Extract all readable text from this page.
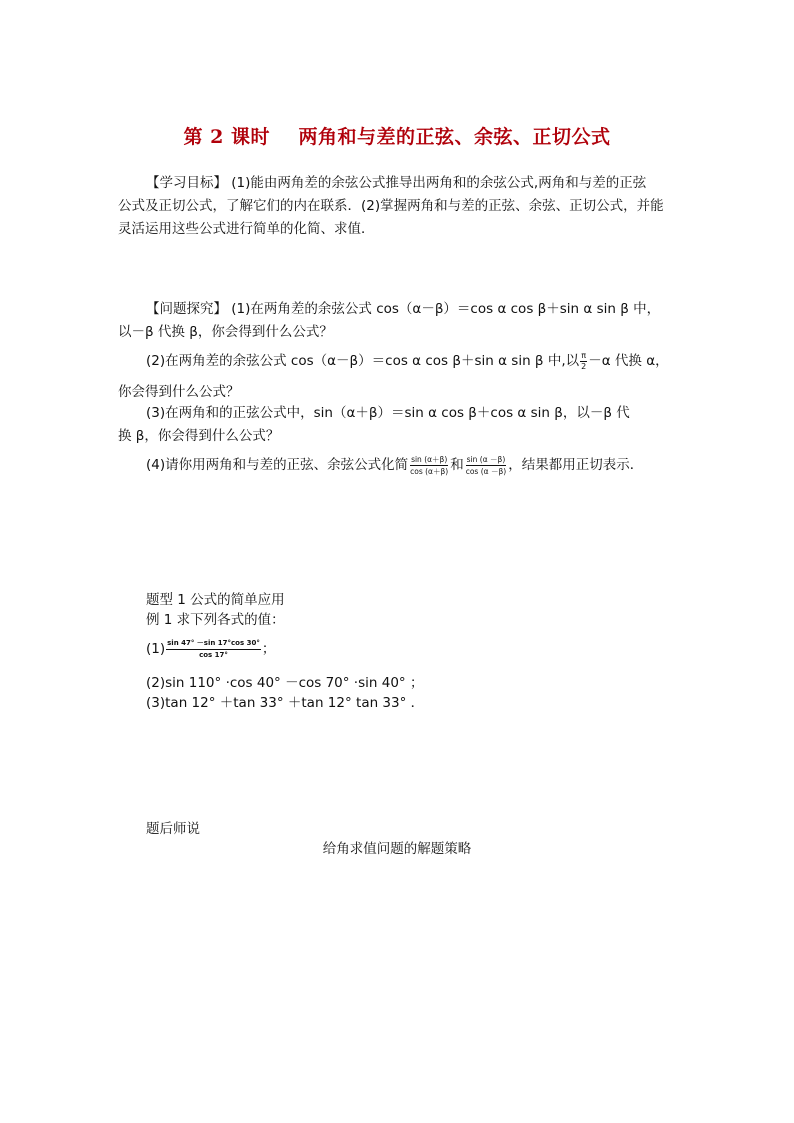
第 2 课时    两角和与差的正弦、余弦、正切公式
【学习目标】 (1)能由两角差的余弦公式推导出两角和的余弦公式,两角和与差的正弦
公式及正切公式，了解它们的内在联系．(2)掌握两角和与差的正弦、余弦、正切公式，并能
灵活运用这些公式进行简单的化简、求值．
【问题探究】 (1)在两角差的余弦公式 cos（α－β）＝cos α cos β＋sin α sin β 中，
以－β 代换 β，你会得到什么公式？
(2)在两角差的余弦公式 cos（α－β）＝cos α cos β＋sin α sin β 中,以 $\frac{\pi}{2} -\alpha$ 代换 α，
你会得到什么公式？
(3)在两角和的正弦公式中，sin（α＋β）＝sin α cos β＋cos α sin β，以－β 代
换 β，你会得到什么公式？
(4)请你用两角和与差的正弦、余弦公式化简 $\frac{\sin (\alpha+\beta)}{\cos (\alpha+\beta)}$ 和 $\frac{\sin (\alpha -\beta)}{\cos (\alpha -\beta)}$ ，结果都用正切表示．
题型 1 公式的简单应用
例 1 求下列各式的值：
$(1) \frac{\sin 47^\circ -\sin 17^\circ\cos 30^\circ}{\cos 17^\circ}$ ；
(2)sin 110° ·cos 40° －cos 70° ·sin 40° ；
(3)tan 12° ＋tan 33° ＋tan 12° tan 33° ．
题后师说
给角求值问题的解题策略
